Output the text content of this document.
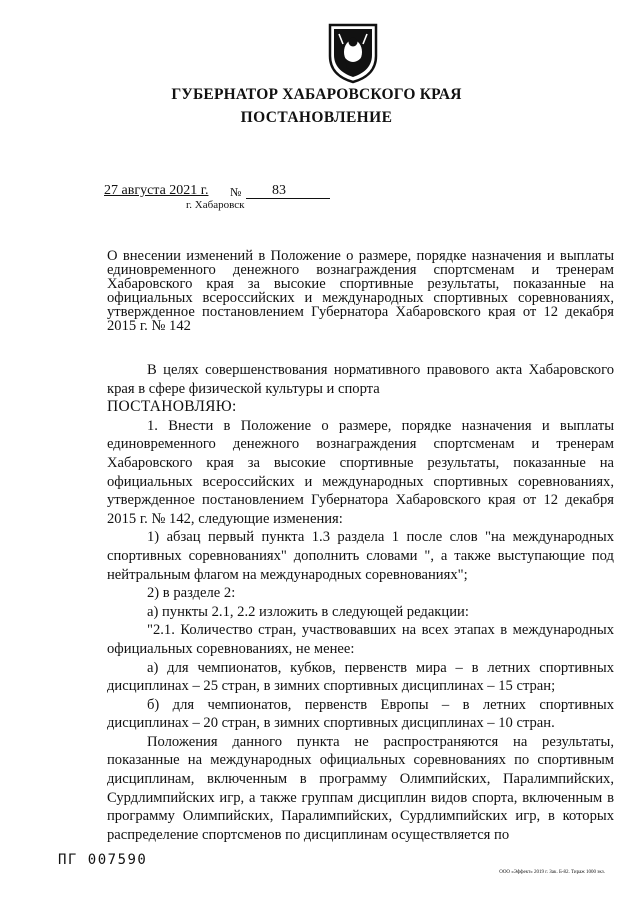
ГУБЕРНАТОР ХАБАРОВСКОГО КРАЯ
ПОСТАНОВЛЕНИЕ
27 августа 2021 г. № 83
г. Хабаровск
О внесении изменений в Положение о размере, порядке назначения и выплаты единовременного денежного вознаграждения спортсменам и тренерам Хабаровского края за высокие спортивные результаты, показанные на официальных всероссийских и международных спортивных соревнованиях, утвержденное постановлением Губернатора Хабаровского края от 12 декабря 2015 г. № 142

В целях совершенствования нормативного правового акта Хабаровского края в сфере физической культуры и спорта

ПОСТАНОВЛЯЮ:

1. Внести в Положение о размере, порядке назначения и выплаты единовременного денежного вознаграждения спортсменам и тренерам Хабаровского края за высокие спортивные результаты, показанные на официальных всероссийских и международных спортивных соревнованиях, утвержденное постановлением Губернатора Хабаровского края от 12 декабря 2015 г. № 142, следующие изменения:

1) абзац первый пункта 1.3 раздела 1 после слов "на международных спортивных соревнованиях" дополнить словами ", а также выступающие под нейтральным флагом на международных соревнованиях";

2) в разделе 2:

а) пункты 2.1, 2.2 изложить в следующей редакции:

"2.1. Количество стран, участвовавших на всех этапах в международных официальных соревнованиях, не менее:

а) для чемпионатов, кубков, первенств мира – в летних спортивных дисциплинах – 25 стран, в зимних спортивных дисциплинах – 15 стран;

б) для чемпионатов, первенств Европы – в летних спортивных дисциплинах – 20 стран, в зимних спортивных дисциплинах – 10 стран.

Положения данного пункта не распространяются на результаты, показанные на международных официальных соревнованиях по спортивным дисциплинам, включенным в программу Олимпийских, Паралимпийских, Сурдлимпийских игр, а также группам дисциплин видов спорта, включенным в программу Олимпийских, Паралимпийских, Сурдлимпийских игр, в которых распределение спортсменов по дисциплинам осуществляется по

ПГ 007590
ООО «Эффект» 2019 г. Зак. Б-82. Тираж 1000 экз.
